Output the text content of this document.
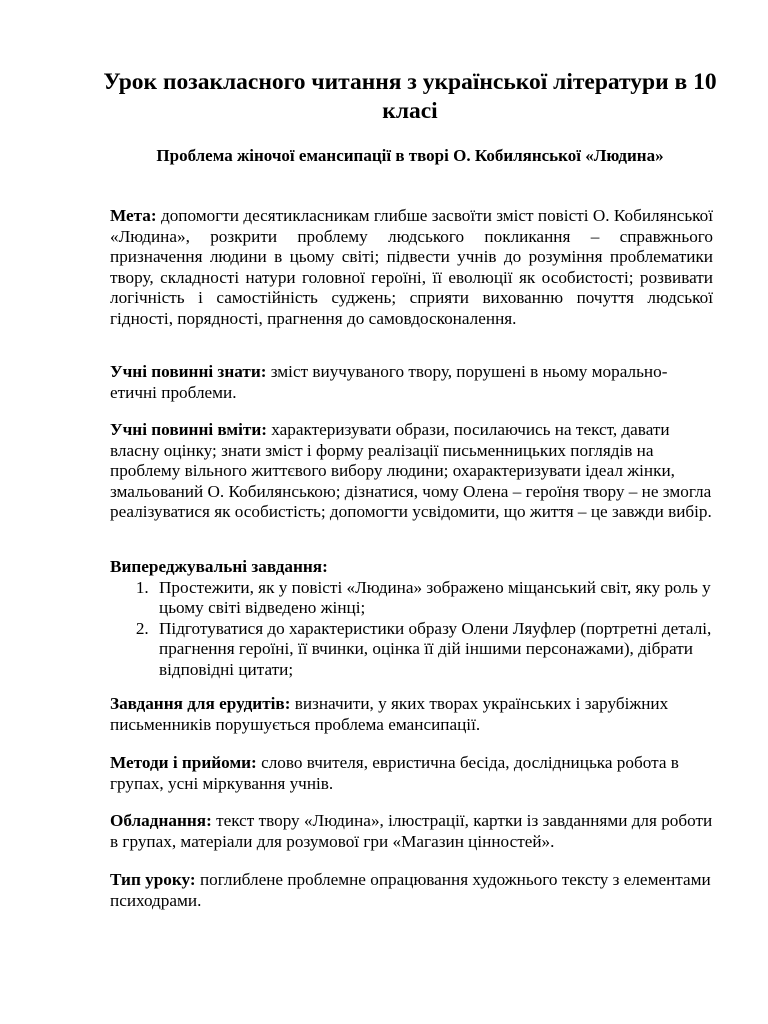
Урок позакласного читання з української літератури в 10 класі
Проблема жіночої емансипації в творі О. Кобилянської «Людина»
Мета: допомогти десятикласникам глибше засвоїти зміст повісті О. Кобилянської «Людина», розкрити проблему людського покликання – справжнього призначення людини в цьому світі; підвести учнів до розуміння проблематики твору, складності натури головної героїні, її еволюції як особистості; розвивати логічність і самостійність суджень; сприяти вихованню почуття людської гідності, порядності, прагнення до самовдосконалення.
Учні повинні знати: зміст виучуваного твору, порушені в ньому морально-етичні проблеми.
Учні повинні вміти: характеризувати образи, посилаючись на текст, давати власну оцінку; знати зміст і форму реалізації письменницьких поглядів на проблему вільного життєвого вибору людини; охарактеризувати ідеал жінки, змальований О. Кобилянською; дізнатися, чому Олена – героїня твору – не змогла реалізуватися як особистість; допомогти усвідомити, що життя – це завжди вибір.
Випереджувальні завдання:
1. Простежити, як у повісті «Людина» зображено міщанський світ, яку роль у цьому світі відведено жінці;
2. Підготуватися до характеристики образу Олени Ляуфлер (портретні деталі, прагнення героїні, її вчинки, оцінка її дій іншими персонажами), дібрати відповідні цитати;
Завдання для ерудитів: визначити, у яких творах українських і зарубіжних письменників порушується проблема емансипації.
Методи і прийоми: слово вчителя, евристична бесіда, дослідницька робота в групах, усні міркування учнів.
Обладнання: текст твору «Людина», ілюстрації, картки із завданнями для роботи в групах, матеріали для розумової гри «Магазин цінностей».
Тип уроку: поглиблене проблемне опрацювання художнього тексту з елементами психодрами.
